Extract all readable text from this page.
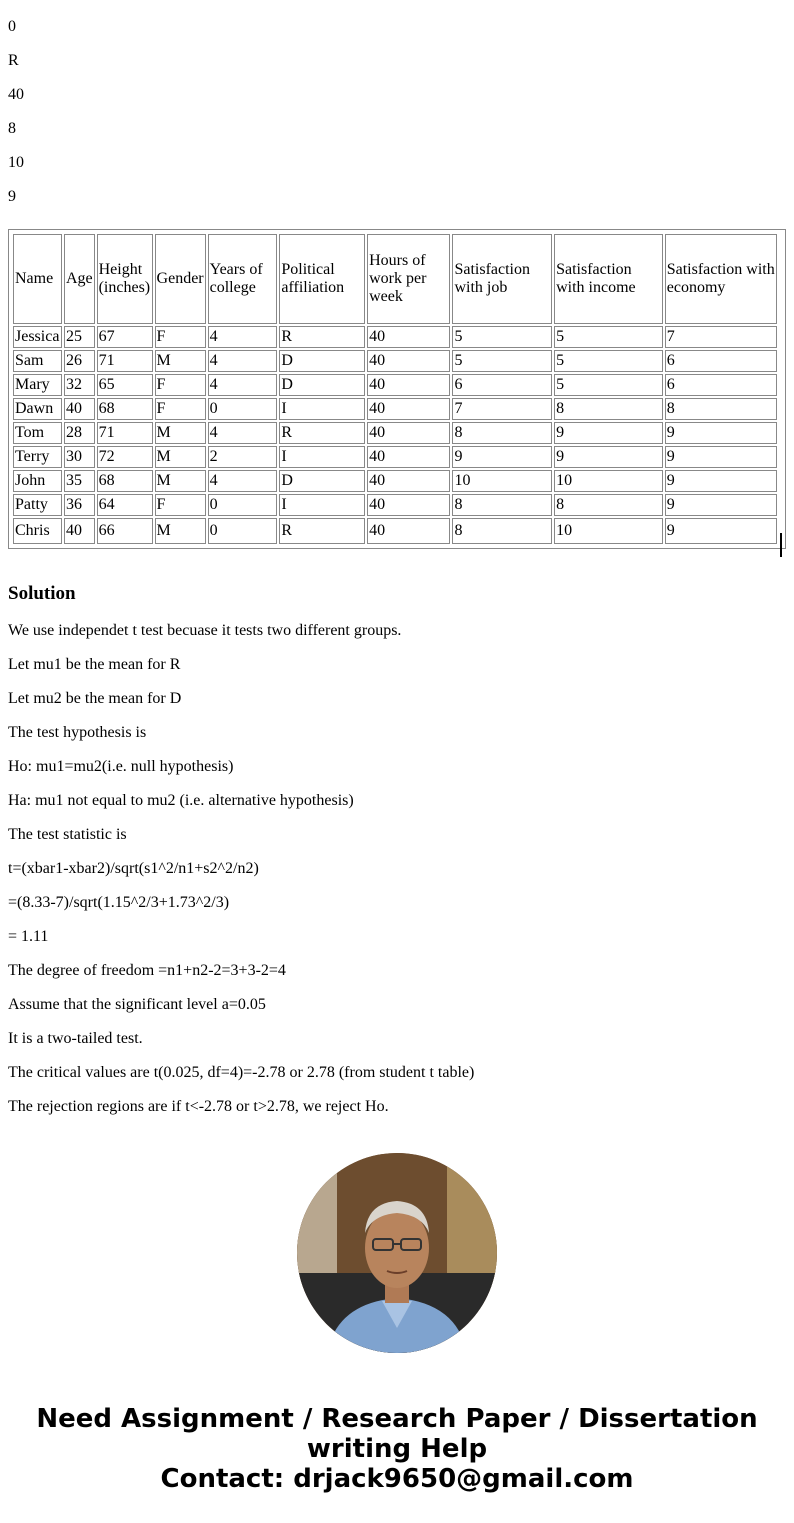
0

R

40

8

10

9

Name	Age	Height (inches)	Gender	Years of college	Political affiliation	Hours of work per week	Satisfaction with job	Satisfaction with income	Satisfaction with economy
Jessica	25	67	F	4	R	40	5	5	7
Sam	26	71	M	4	D	40	5	5	6
Mary	32	65	F	4	D	40	6	5	6
Dawn	40	68	F	0	I	40	7	8	8
Tom	28	71	M	4	R	40	8	9	9
Terry	30	72	M	2	I	40	9	9	9
John	35	68	M	4	D	40	10	10	9
Patty	36	64	F	0	I	40	8	8	9
Chris	40	66	M	0	R	40	8	10	9
Solution

We use independet t test becuase it tests two different groups.

Let mu1 be the mean for R

Let mu2 be the mean for D

The test hypothesis is

Ho: mu1=mu2(i.e. null hypothesis)

Ha: mu1 not equal to mu2 (i.e. alternative hypothesis)

The test statistic is

t=(xbar1-xbar2)/sqrt(s1^2/n1+s2^2/n2)

=(8.33-7)/sqrt(1.15^2/3+1.73^2/3)

= 1.11

The degree of freedom =n1+n2-2=3+3-2=4

Assume that the significant level a=0.05

It is a two-tailed test.

The critical values are t(0.025, df=4)=-2.78 or 2.78 (from student t table)

The rejection regions are if t<-2.78 or t>2.78, we reject Ho.

Need Assignment / Research Paper / Dissertation writing Help
Contact: drjack9650@gmail.com
